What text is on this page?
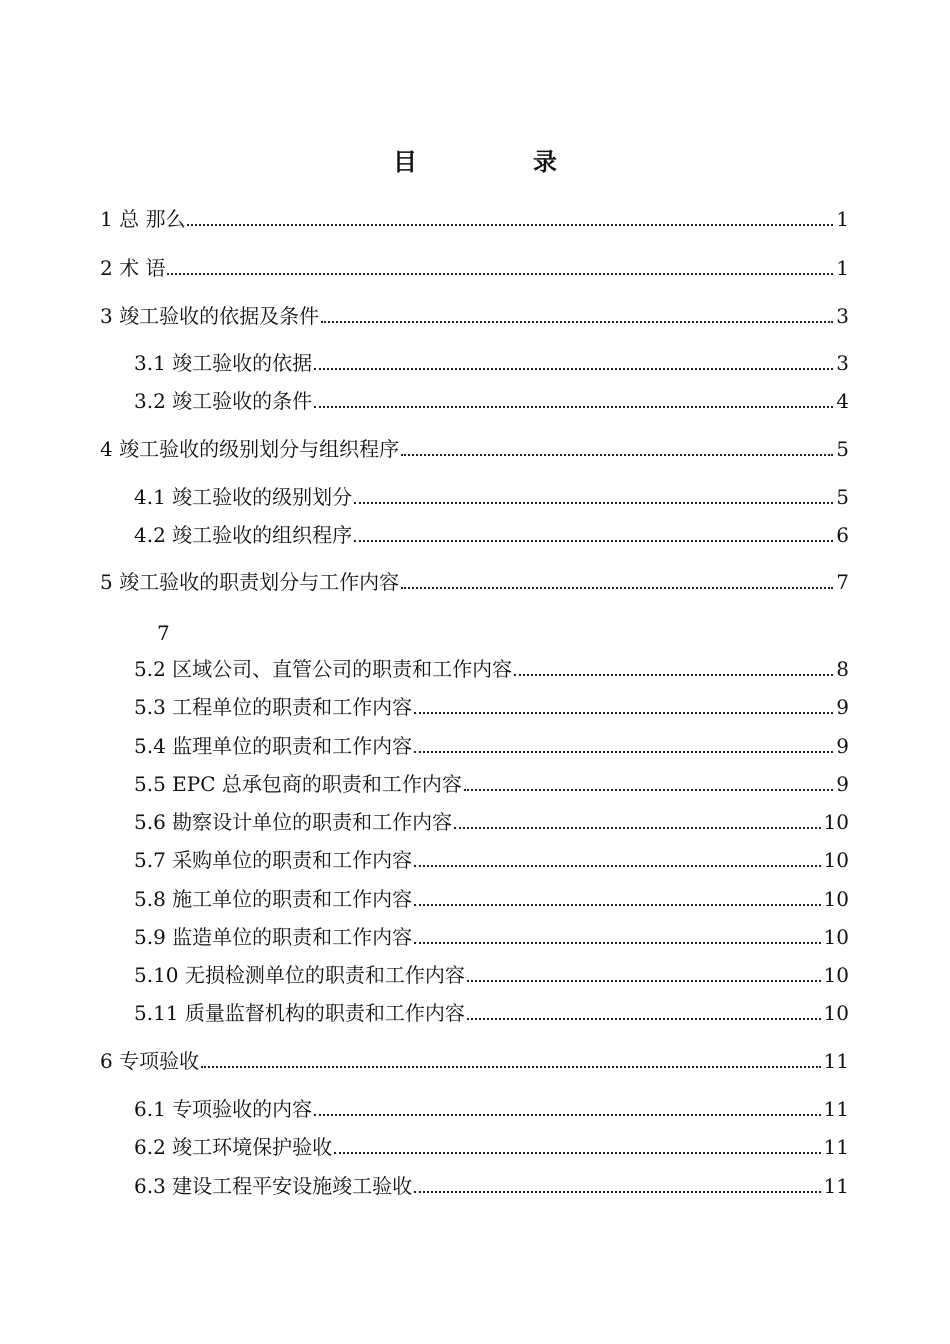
目　录
1 总 那么	1
2 术 语	1
3 竣工验收的依据及条件	3
3.1 竣工验收的依据	3
3.2 竣工验收的条件	4
4 竣工验收的级别划分与组织程序	5
4.1 竣工验收的级别划分	5
4.2 竣工验收的组织程序	6
5 竣工验收的职责划分与工作内容	7
7
5.2 区域公司、直管公司的职责和工作内容	8
5.3 工程单位的职责和工作内容	9
5.4 监理单位的职责和工作内容	9
5.5 EPC 总承包商的职责和工作内容	9
5.6 勘察设计单位的职责和工作内容	10
5.7 采购单位的职责和工作内容	10
5.8 施工单位的职责和工作内容	10
5.9 监造单位的职责和工作内容	10
5.10 无损检测单位的职责和工作内容	10
5.11 质量监督机构的职责和工作内容	10
6 专项验收	11
6.1 专项验收的内容	11
6.2 竣工环境保护验收	11
6.3 建设工程平安设施竣工验收	11
